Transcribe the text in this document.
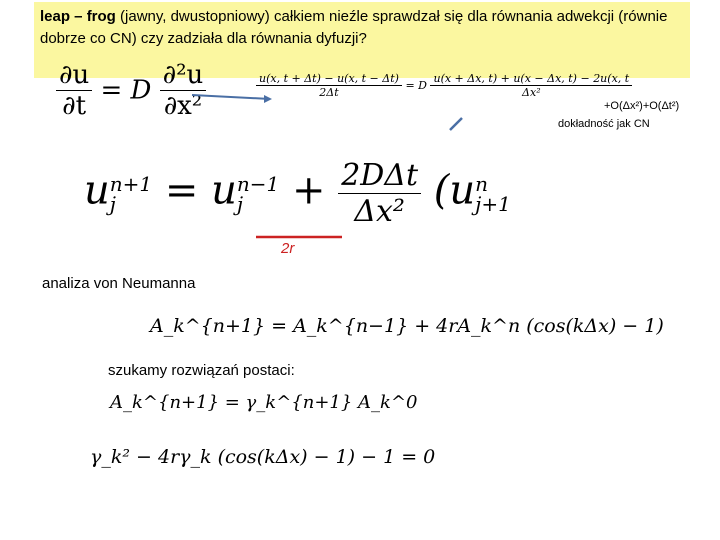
leap – frog (jawny, dwustopniowy) całkiem nieźle sprawdzał się dla równania adwekcji (równie dobrze co CN) czy zadziała dla równania dyfuzji?
$\frac{\partial u}{\partial t} = D \frac{\text{∂²u}}{\text{∂x²}}$	$\frac{u(x, t + \Delta t) - u(x, t - \Delta t)}{2\Delta t} = D \frac{u(x + \Delta x, t) + u(x - \Delta x, t) - 2u(x, t}{\text{Δx²}}$
+O(Δx²)+O(Δt²)
dokładność jak CN
u n+1
j	= u n−1
j	+ $\frac{\text{2DΔt}}{\text{Δx²}} (u$ n
j+1
2r
analiza von Neumanna
A_k^{n+1} = A_k^{n−1} + 4rA_k^n (cos(kΔx) − 1)
szukamy rozwiązań postaci:
A_k^{n+1} = γ_k^{n+1} A_k^0
γ_k² − 4rγ_k (cos(kΔx) − 1) − 1 = 0
